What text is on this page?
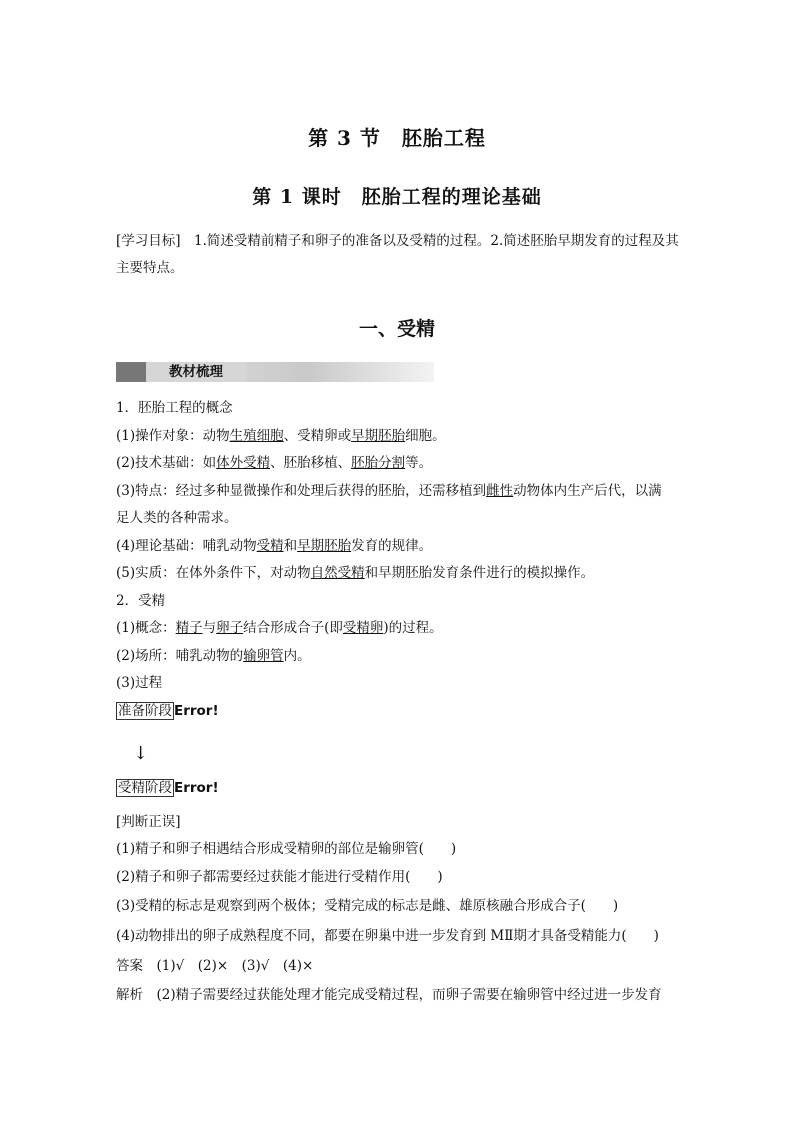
第 3 节　胚胎工程
第 1 课时　胚胎工程的理论基础
[学习目标]　 1.简述受精前精子和卵子的准备以及受精的过程。2.简述胚胎早期发育的过程及其主要特点。
一、受精
教材梳理
1．胚胎工程的概念
(1)操作对象：动物生殖细胞、受精卵或早期胚胎细胞。
(2)技术基础：如体外受精、胚胎移植、胚胎分割等。
(3)特点：经过多种显微操作和处理后获得的胚胎，还需移植到雌性动物体内生产后代，以满
足人类的各种需求。
(4)理论基础：哺乳动物受精和早期胚胎发育的规律。
(5)实质：在体外条件下，对动物自然受精和早期胚胎发育条件进行的模拟操作。
2．受精
(1)概念：精子与卵子结合形成合子(即受精卵)的过程。
(2)场所：哺乳动物的输卵管内。
(3)过程
准备阶段 Error!
↓
受精阶段 Error!
[判断正误]
(1)精子和卵子相遇结合形成受精卵的部位是输卵管(　　)
(2)精子和卵子都需要经过获能才能进行受精作用(　　)
(3)受精的标志是观察到两个极体；受精完成的标志是雌、雄原核融合形成合子(　　)
(4)动物排出的卵子成熟程度不同，都要在卵巢中进一步发育到 MⅡ期才具备受精能力(　　)
答案　(1)√　(2)×　(3)√　(4)×
解析　(2)精子需要经过获能处理才能完成受精过程，而卵子需要在输卵管中经过进一步发育
